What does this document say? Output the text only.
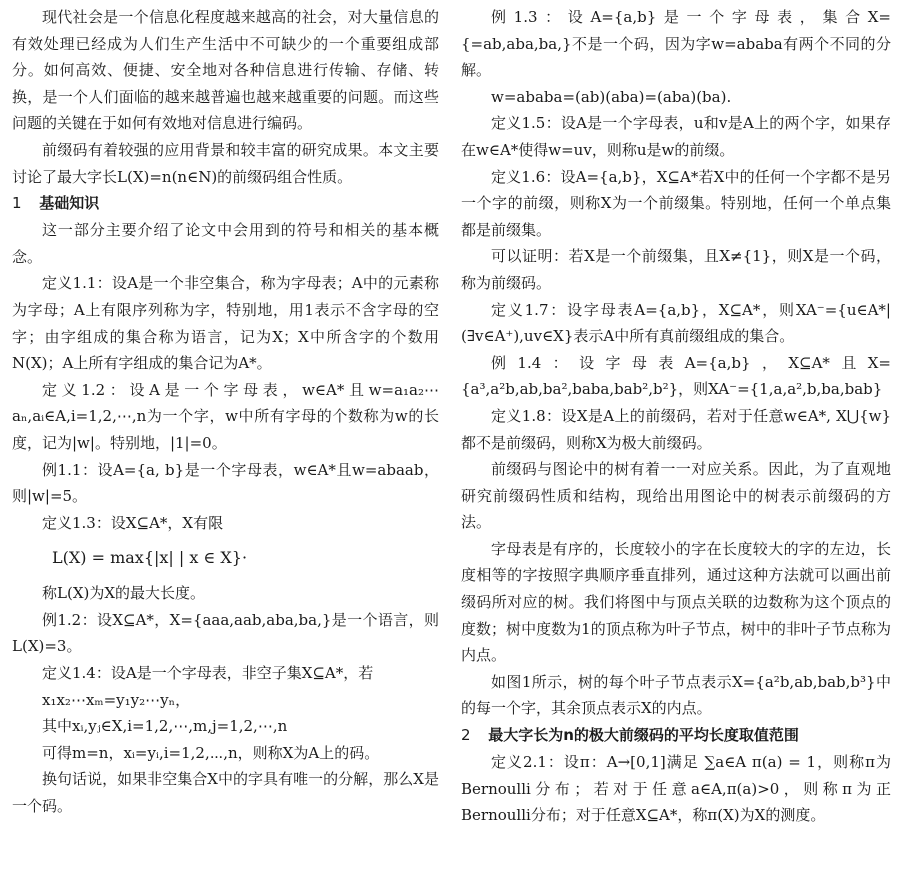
现代社会是一个信息化程度越来越高的社会，对大量信息的有效处理已经成为人们生产生活中不可缺少的一个重要组成部分。如何高效、便捷、安全地对各种信息进行传输、存储、转换，是一个人们面临的越来越普遍也越来越重要的问题。而这些问题的关键在于如何有效地对信息进行编码。

前缀码有着较强的应用背景和较丰富的研究成果。本文主要讨论了最大字长L(X)=n(n∈N)的前缀码组合性质。

1 基础知识

这一部分主要介绍了论文中会用到的符号和相关的基本概念。

定义1.1：设A是一个非空集合，称为字母表；A中的元素称为字母；A上有限序列称为字，特别地，用1表示不含字母的空字；由字组成的集合称为语言，记为X；X中所含字的个数用N(X)；A上所有字组成的集合记为A*。

定义1.2：设A是一个字母表，w∈A*且w=a₁a₂⋯aₙ,aᵢ∈A,i=1,2,⋯,n为一个字，w中所有字母的个数称为w的长度，记为|w|。特别地，|1|=0。

例1.1：设A={a, b}是一个字母表，w∈A*且w=abaab，则|w|=5。

定义1.3：设X⊆A*，X有限

L(X) = max{|x| | x ∈ X}·

称L(X)为X的最大长度。

例1.2：设X⊆A*，X={aaa,aab,aba,ba,}是一个语言，则L(X)=3。

定义1.4：设A是一个字母表，非空子集X⊆A*，若

x₁x₂⋯xₘ=y₁y₂⋯yₙ，

其中xᵢ,yⱼ∈X,i=1,2,⋯,m,j=1,2,⋯,n

可得m=n，xᵢ=yᵢ,i=1,2,⋯,n，则称X为A上的码。

换句话说，如果非空集合X中的字具有唯一的分解，那么X是一个码。

例1.3：设A={a,b}是一个字母表，集合X={=ab,aba,ba,}不是一个码，因为字w=ababa有两个不同的分解。

w=ababa=(ab)(aba)=(aba)(ba).

定义1.5：设A是一个字母表，u和v是A上的两个字，如果存在w∈A*使得w=uv，则称u是w的前缀。

定义1.6：设A={a,b}，X⊆A*若X中的任何一个字都不是另一个字的前缀，则称X为一个前缀集。特别地，任何一个单点集都是前缀集。

可以证明：若X是一个前缀集，且X≠{1}，则X是一个码，称为前缀码。

定义1.7：设字母表A={a,b}，X⊆A*，则XA⁻={u∈A*|(∃v∈A⁺),uv∈X}表示A中所有真前缀组成的集合。

例1.4：设字母表A={a,b}，X⊆A*且X={a³,a²b,ab,ba²,baba,bab²,b²}，则XA⁻={1,a,a²,b,ba,bab}

定义1.8：设X是A上的前缀码，若对于任意w∈A*, X⋃{w}都不是前缀码，则称X为极大前缀码。

前缀码与图论中的树有着一一对应关系。因此，为了直观地研究前缀码性质和结构，现给出用图论中的树表示前缀码的方法。

字母表是有序的，长度较小的字在长度较大的字的左边，长度相等的字按照字典顺序垂直排列，通过这种方法就可以画出前缀码所对应的树。我们将图中与顶点关联的边数称为这个顶点的度数；树中度数为1的顶点称为叶子节点，树中的非叶子节点称为内点。

如图1所示，树的每个叶子节点表示X={a²b,ab,bab,b³}中的每一个字，其余顶点表示X的内点。

2 最大字长为n的极大前缀码的平均长度取值范围

定义2.1：设π：A→[0,1]满足 ∑a∈A π(a) = 1，则称π为Bernoulli分布；若对于任意a∈A,π(a)>0，则称π为正Bernoulli分布；对于任意X⊆A*，称π(X)为X的测度。
